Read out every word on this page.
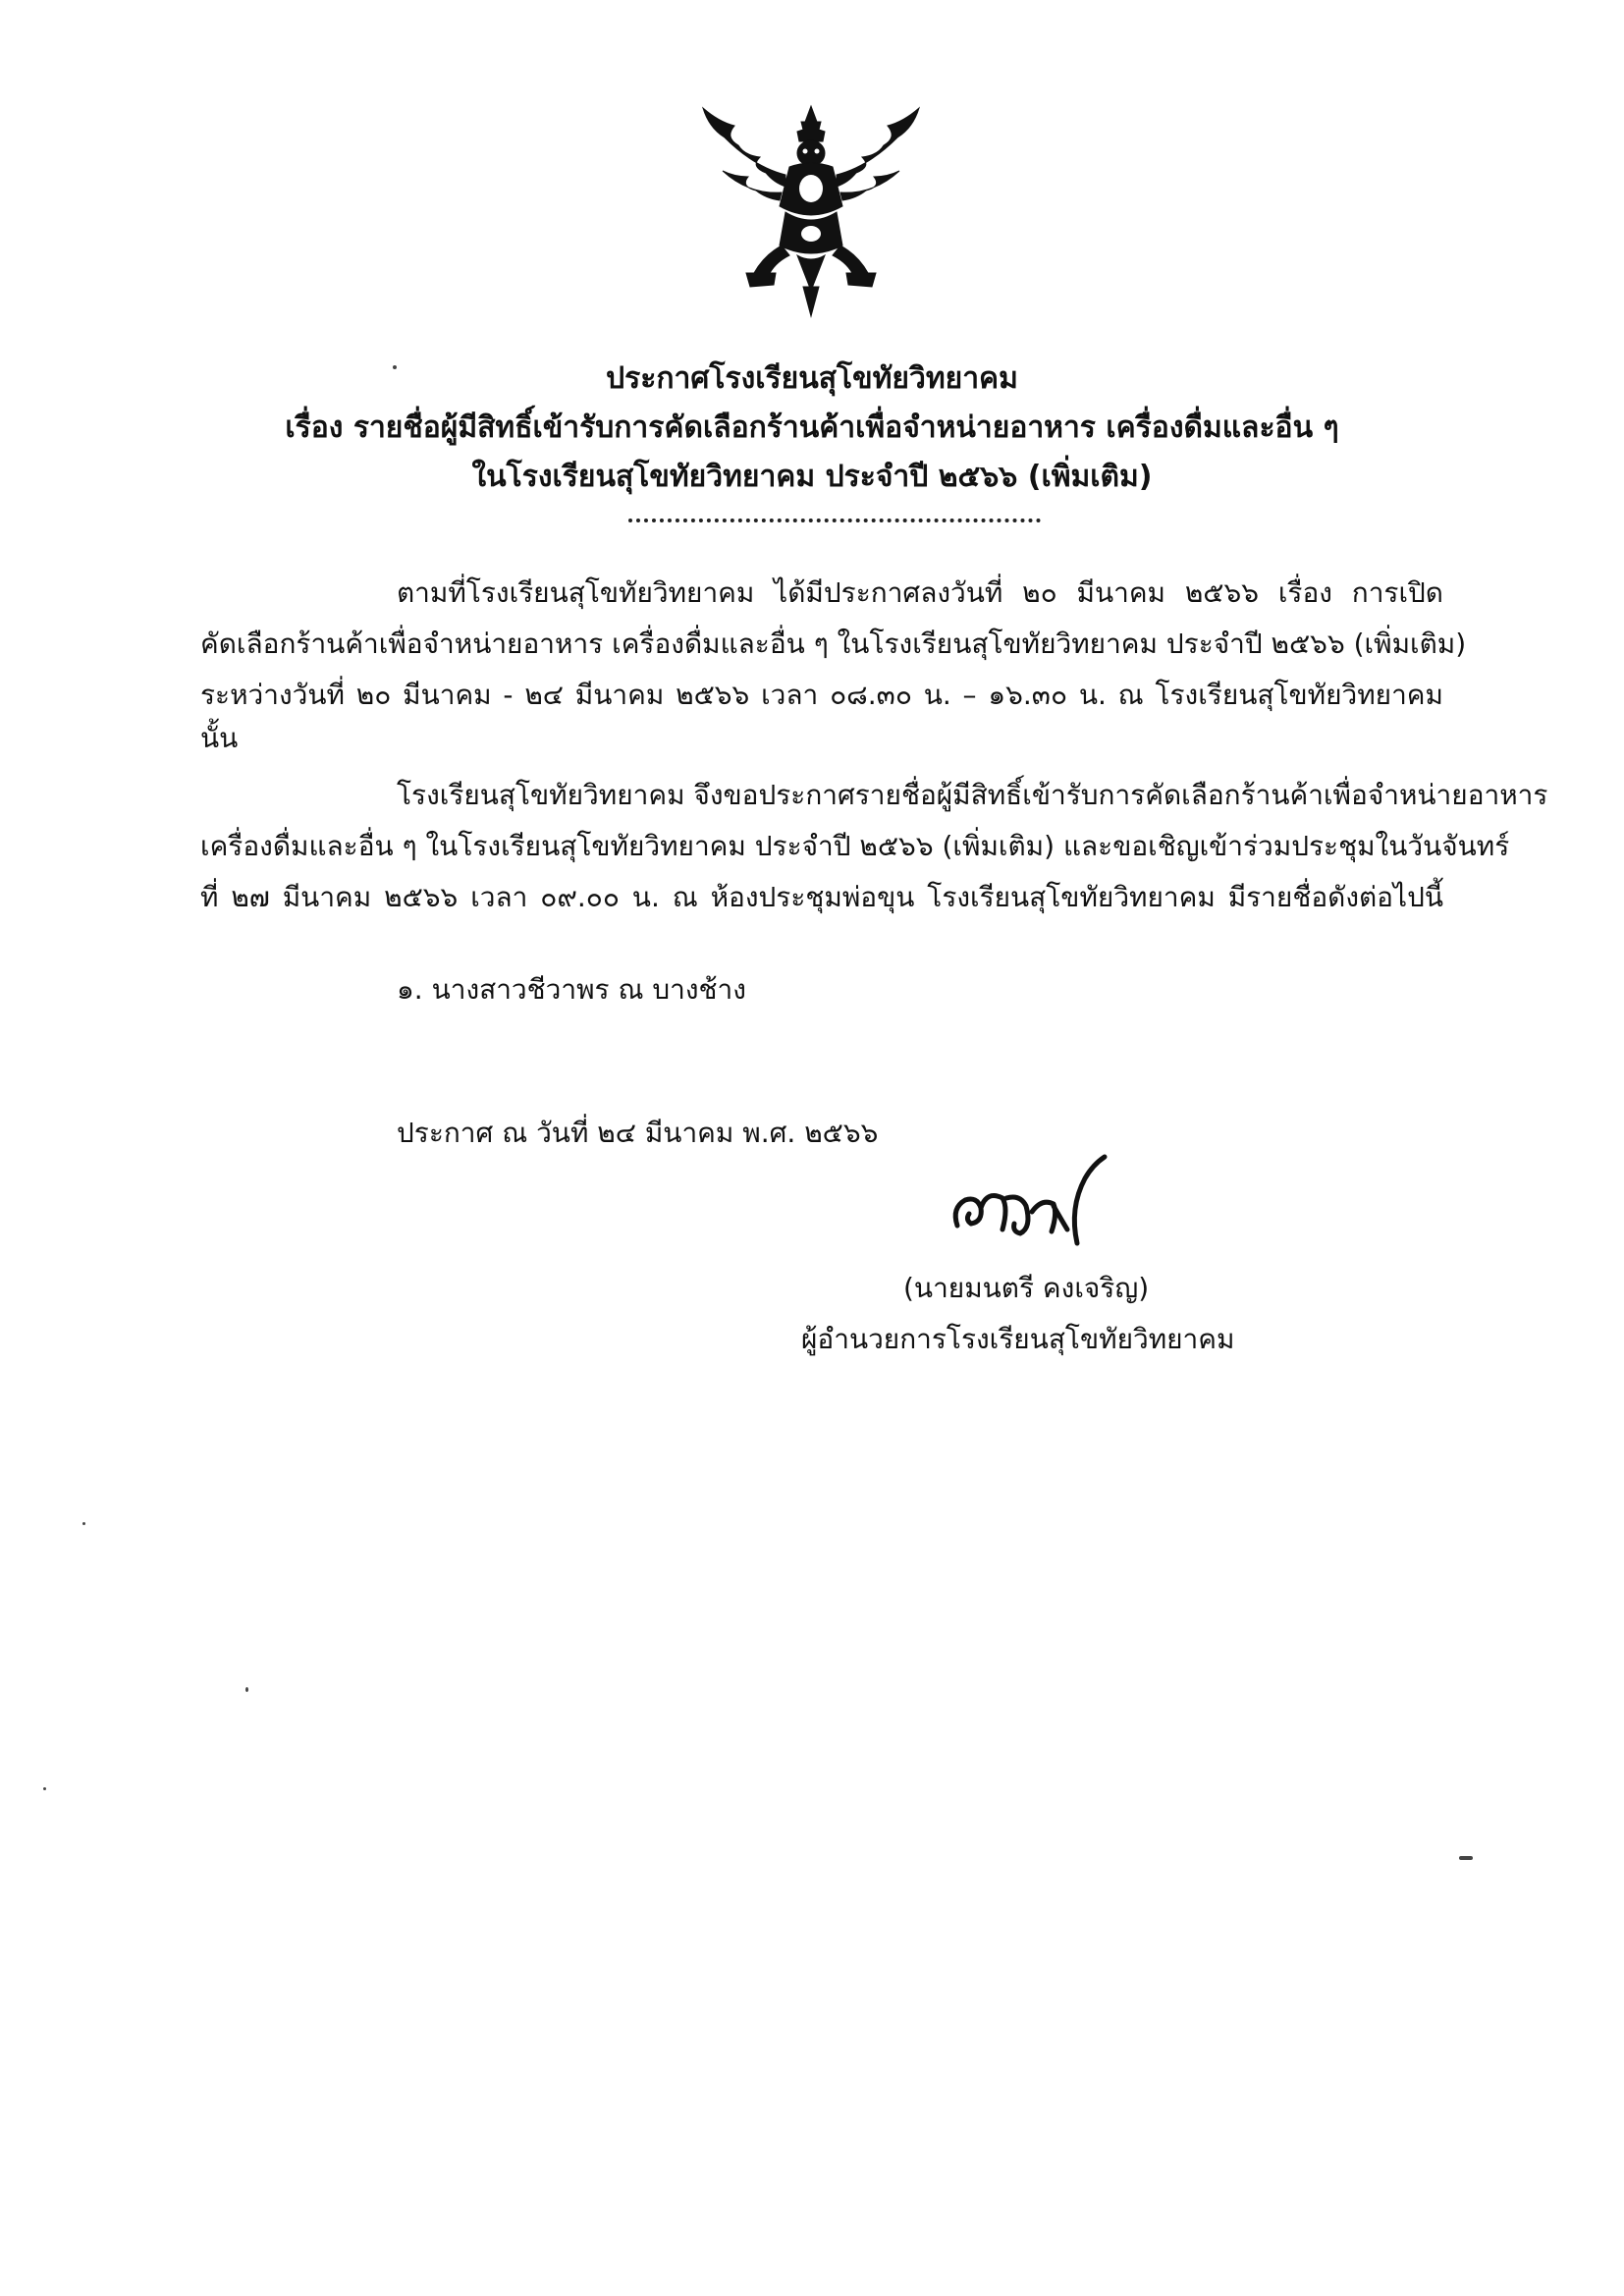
ประกาศโรงเรียนสุโขทัยวิทยาคม
เรื่อง รายชื่อผู้มีสิทธิ์เข้ารับการคัดเลือกร้านค้าเพื่อจำหน่ายอาหาร เครื่องดื่มและอื่น ๆ
ในโรงเรียนสุโขทัยวิทยาคม ประจำปี ๒๕๖๖ (เพิ่มเติม)
ตามที่โรงเรียนสุโขทัยวิทยาคม ได้มีประกาศลงวันที่ ๒๐ มีนาคม ๒๕๖๖ เรื่อง การเปิด
คัดเลือกร้านค้าเพื่อจำหน่ายอาหาร เครื่องดื่มและอื่น ๆ ในโรงเรียนสุโขทัยวิทยาคม ประจำปี ๒๕๖๖ (เพิ่มเติม)
ระหว่างวันที่ ๒๐ มีนาคม - ๒๔ มีนาคม ๒๕๖๖ เวลา ๐๘.๓๐ น. – ๑๖.๓๐ น. ณ โรงเรียนสุโขทัยวิทยาคม
นั้น
โรงเรียนสุโขทัยวิทยาคม จึงขอประกาศรายชื่อผู้มีสิทธิ์เข้ารับการคัดเลือกร้านค้าเพื่อจำหน่ายอาหาร
เครื่องดื่มและอื่น ๆ ในโรงเรียนสุโขทัยวิทยาคม ประจำปี ๒๕๖๖ (เพิ่มเติม) และขอเชิญเข้าร่วมประชุมในวันจันทร์
ที่ ๒๗ มีนาคม ๒๕๖๖ เวลา ๐๙.๐๐ น. ณ ห้องประชุมพ่อขุน โรงเรียนสุโขทัยวิทยาคม มีรายชื่อดังต่อไปนี้
๑. นางสาวชีวาพร ณ บางช้าง
ประกาศ ณ วันที่ ๒๔ มีนาคม พ.ศ. ๒๕๖๖
(นายมนตรี คงเจริญ)
ผู้อำนวยการโรงเรียนสุโขทัยวิทยาคม
